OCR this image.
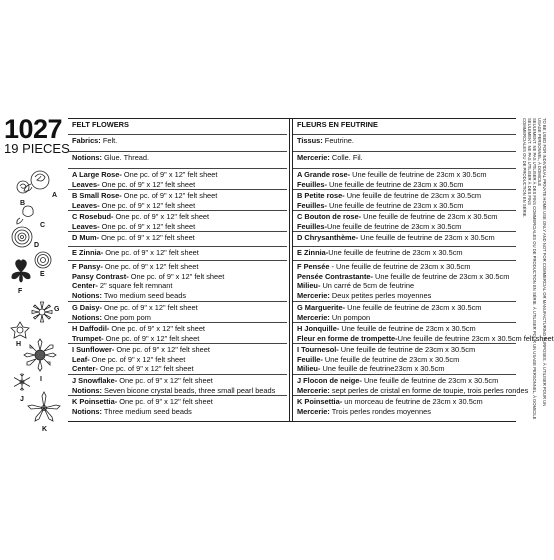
1027
19 PIECES
A
B
C
D
E
F
G
H
I
J
K
FELT FLOWERS
Fabrics: Felt.
Notions: Glue. Thread.
A Large Rose- One pc. of 9" x 12" felt sheet
Leaves- One pc. of 9" x 12" felt sheet
B Small Rose- One pc. of 9" x 12" felt sheet
Leaves- One pc. of 9" x 12" felt sheet
C Rosebud- One pc. of 9" x 12" felt sheet
Leaves- One pc. of 9" x 12" felt sheet
D Mum- One pc. of 9" x 12" felt sheet
E Zinnia- One pc. of 9" x 12" felt sheet
F Pansy- One pc. of 9" x 12" felt sheet
Pansy Contrast- One pc. of 9" x 12" felt sheet
Center- 2" square felt remnant
Notions: Two medium seed beads
G Daisy- One pc. of 9" x 12" felt sheet
Notions: One pom pom
H Daffodil- One pc. of 9" x 12" felt sheet
Trumpet- One pc. of 9" x 12" felt sheet
I Sunflower- One pc. of 9" x 12" felt sheet
Leaf- One pc. of 9" x 12" felt sheet
Center- One pc. of 9" x 12" felt sheet
J Snowflake- One pc. of 9" x 12" felt sheet
Notions: Seven bicone crystal beads, three small pearl beads
K Poinsettia- One pc. of 9" x 12" felt sheet
Notions: Three medium seed beads
FLEURS EN FEUTRINE
Tissus: Feutrine.
Mercerie: Colle. Fil.
A Grande rose- Une feuille de feutrine de 23cm x 30.5cm
Feuilles- Une feuille de feutrine de 23cm x 30.5cm
B Petite rose- Une feuille de feutrine de 23cm x 30.5cm
Feuilles- Une feuille de feutrine de 23cm x 30.5cm
C Bouton de rose- Une feuille de feutrine de 23cm x 30.5cm
Feuilles-Une feuille de feutrine de 23cm x 30.5cm
D Chrysanthème- Une feuille de feutrine de 23cm x 30.5cm
E Zinnia-Une feuille de feutrine de 23cm x 30.5cm
F Pensée - Une feuille de feutrine de 23cm x 30.5cm
Pensée Contrastante- Une feuille de feutrine de 23cm x 30.5cm
Milieu- Un carré de 5cm de feutrine
Mercerie: Deux petites perles moyennes
G Marguerite- Une feuille de feutrine de 23cm x 30.5cm
Mercerie: Un pompon
H Jonquille- Une feuille de feutrine de 23cm x 30.5cm
Fleur en forme de trompette-Une feuille de feutrine 23cm x 30.5cm felt sheet
I Tournesol- Une feuille de feutrine de 23cm x 30.5cm
Feuille- Une feuille de feutrine de 23cm x 30.5cm
Milieu- Une feuille de feutrine23cm x 30.5cm
J Flocon de neige- Une feuille de feutrine de 23cm x 30.5cm
Mercerie: sept perles de cristal en forme de toupie, trois perles rondes
K Poinsettia- un morceau de feutrine de 23cm x 30.5cm
Mercerie: Trois perles rondes moyennes
TO BE USED FOR INDIVIDUAL PRIVATE HOME USE ONLY AND NOT FOR COMMERCIAL OR MANUFACTURING PURPOSES. À UTILISER POUR UN USAGE PERSONNEL, À DOMICILE
SEULEMENT. NE PAS UTILISER À DES FINS COMMERCIALES OU DE PRODUCTION EN SÉRIE. À UTILISER POUR UN USAGE PERSONNEL, À DOMICILE SEULEMENT. NE PAS UTILISER À DES FINS
COMMERCIALES OU DE PRODUCTION EN SÉRIE.
